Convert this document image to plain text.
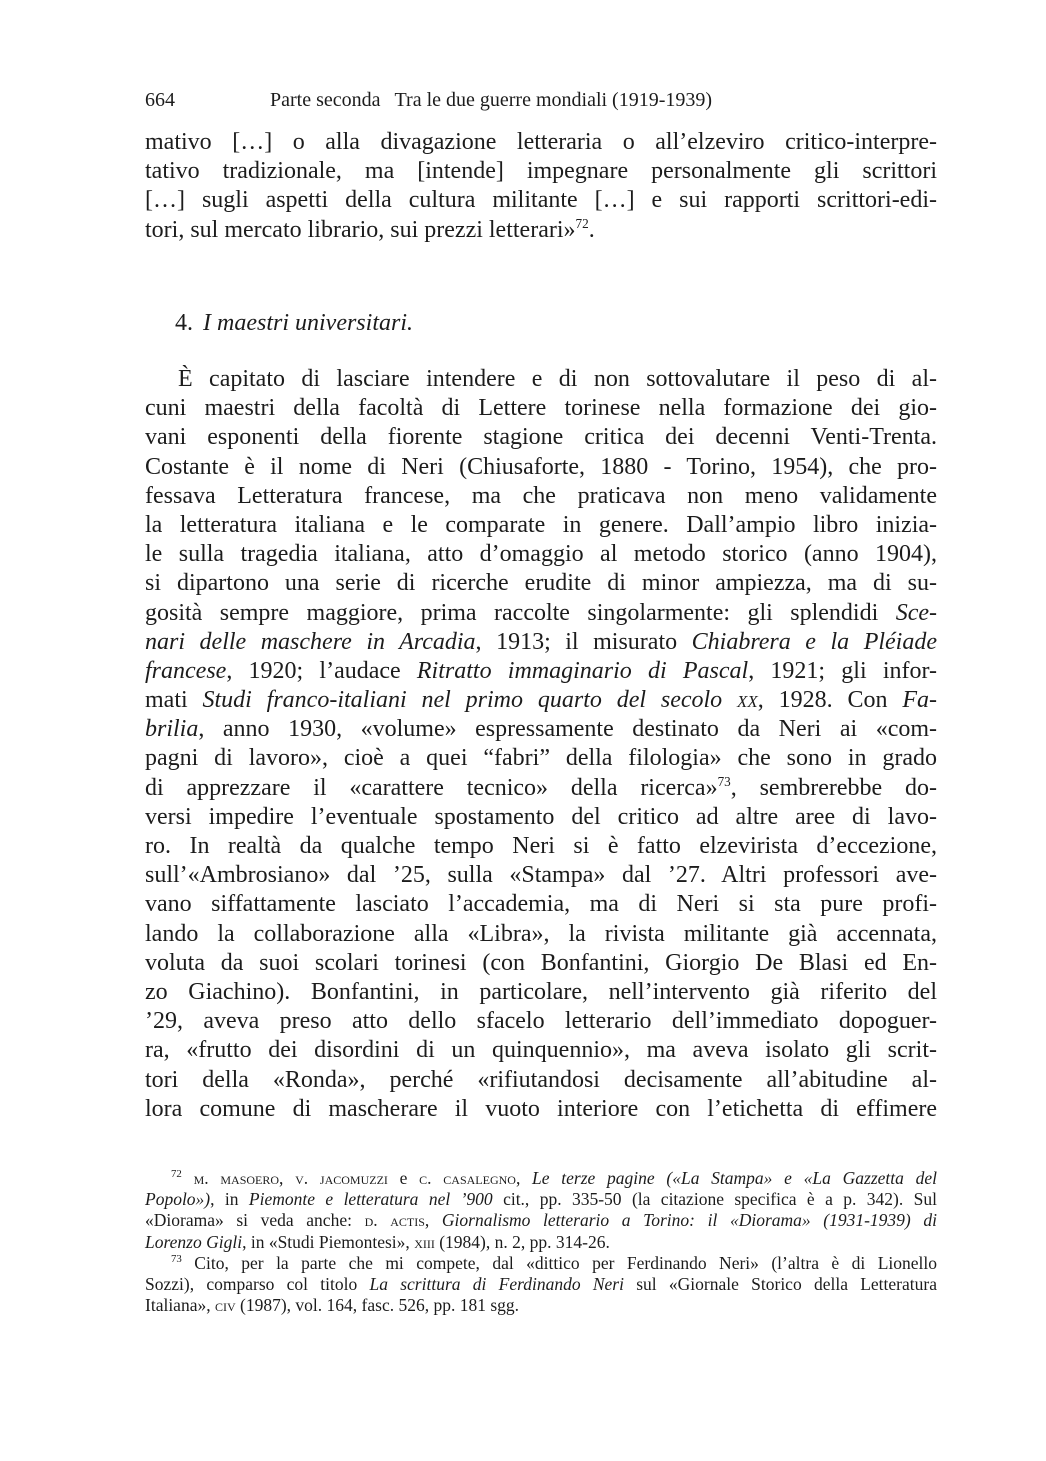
664	Parte seconda Tra le due guerre mondiali (1919-1939)
mativo […] o alla divagazione letteraria o all’elzeviro critico-interpre-
tativo tradizionale, ma [intende] impegnare personalmente gli scrittori
[…] sugli aspetti della cultura militante […] e sui rapporti scrittori-edi-
tori, sul mercato librario, sui prezzi letterari»$^{72}$.
4. I maestri universitari.
È capitato di lasciare intendere e di non sottovalutare il peso di al-
cuni maestri della facoltà di Lettere torinese nella formazione dei gio-
vani esponenti della fiorente stagione critica dei decenni Venti-Trenta.
Costante è il nome di Neri (Chiusaforte, 1880 - Torino, 1954), che pro-
fessava Letteratura francese, ma che praticava non meno validamente
la letteratura italiana e le comparate in genere. Dall’ampio libro inizia-
le sulla tragedia italiana, atto d’omaggio al metodo storico (anno 1904),
si dipartono una serie di ricerche erudite di minor ampiezza, ma di su-
gosità sempre maggiore, prima raccolte singolarmente: gli splendidi Sce-
nari delle maschere in Arcadia, 1913; il misurato Chiabrera e la Pléiade
francese, 1920; l’audace Ritratto immaginario di Pascal, 1921; gli infor-
mati Studi franco-italiani nel primo quarto del secolo xx, 1928. Con Fa-
brilia, anno 1930, «volume» espressamente destinato da Neri ai «com-
pagni di lavoro», cioè a quei “fabri” della filologia» che sono in grado
di apprezzare il «carattere tecnico» della ricerca»$^{73}$, sembrerebbe do-
versi impedire l’eventuale spostamento del critico ad altre aree di lavo-
ro. In realtà da qualche tempo Neri si è fatto elzevirista d’eccezione,
sull’«Ambrosiano» dal ’25, sulla «Stampa» dal ’27. Altri professori ave-
vano siffattamente lasciato l’accademia, ma di Neri si sta pure profi-
lando la collaborazione alla «Libra», la rivista militante già accennata,
voluta da suoi scolari torinesi (con Bonfantini, Giorgio De Blasi ed En-
zo Giachino). Bonfantini, in particolare, nell’intervento già riferito del
’29, aveva preso atto dello sfacelo letterario dell’immediato dopoguer-
ra, «frutto dei disordini di un quinquennio», ma aveva isolato gli scrit-
tori della «Ronda», perché «rifiutandosi decisamente all’abitudine al-
lora comune di mascherare il vuoto interiore con l’etichetta di effimere
$^{72}$ m. masoero, v. jacomuzzi e c. casalegno, Le terze pagine («La Stampa» e «La Gazzetta del
Popolo»), in Piemonte e letteratura nel ’900 cit., pp. 335-50 (la citazione specifica è a p. 342). Sul
«Diorama» si veda anche: d. actis, Giornalismo letterario a Torino: il «Diorama» (1931-1939) di
Lorenzo Gigli, in «Studi Piemontesi», xiii (1984), n. 2, pp. 314-26.
$^{73}$ Cito, per la parte che mi compete, dal «dittico per Ferdinando Neri» (l’altra è di Lionello
Sozzi), comparso col titolo La scrittura di Ferdinando Neri sul «Giornale Storico della Letteratura
Italiana», civ (1987), vol. 164, fasc. 526, pp. 181 sgg.
